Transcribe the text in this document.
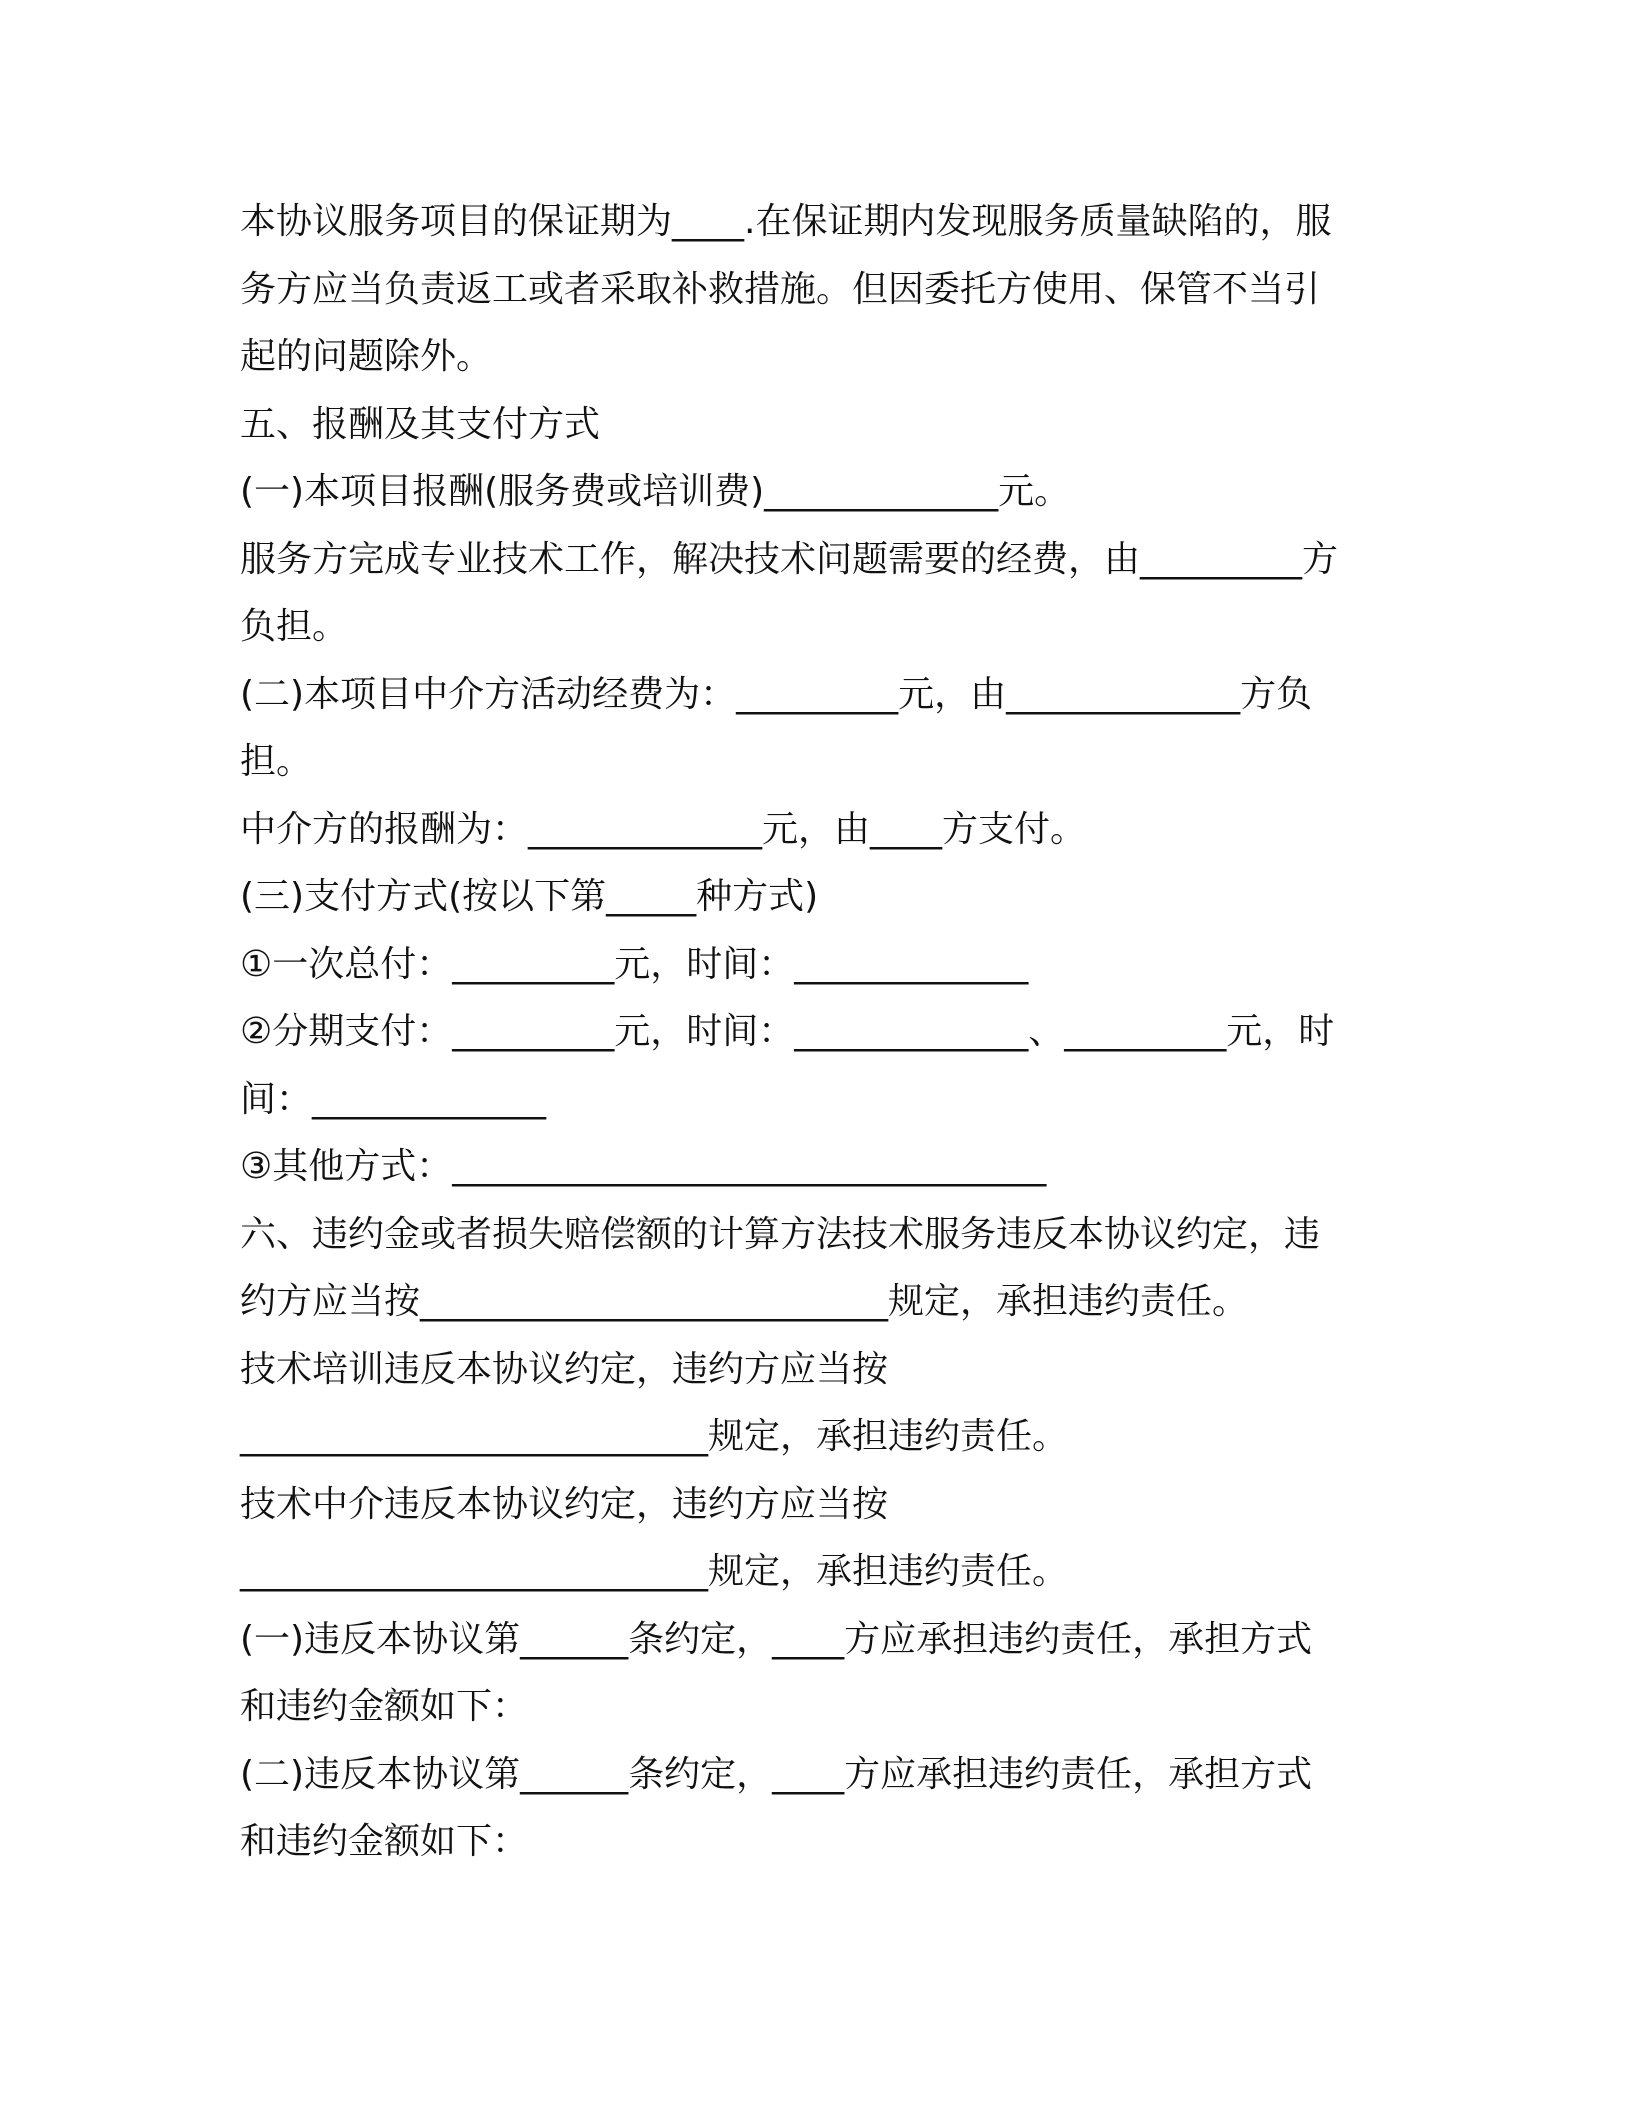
本协议服务项目的保证期为____.在保证期内发现服务质量缺陷的，服
务方应当负责返工或者采取补救措施。但因委托方使用、保管不当引
起的问题除外。
五、报酬及其支付方式
(一)本项目报酬(服务费或培训费)_____________元。
服务方完成专业技术工作，解决技术问题需要的经费，由_________方
负担。
(二)本项目中介方活动经费为：_________元，由_____________方负
担。
中介方的报酬为：_____________元，由____方支付。
(三)支付方式(按以下第_____种方式)
①一次总付：_________元，时间：_____________
②分期支付：_________元，时间：_____________、_________元，时
间：_____________
③其他方式：_________________________________
六、违约金或者损失赔偿额的计算方法技术服务违反本协议约定，违
约方应当按__________________________规定，承担违约责任。
技术培训违反本协议约定，违约方应当按
__________________________规定，承担违约责任。
技术中介违反本协议约定，违约方应当按
__________________________规定，承担违约责任。
(一)违反本协议第______条约定，____方应承担违约责任，承担方式
和违约金额如下：
(二)违反本协议第______条约定，____方应承担违约责任，承担方式
和违约金额如下：
